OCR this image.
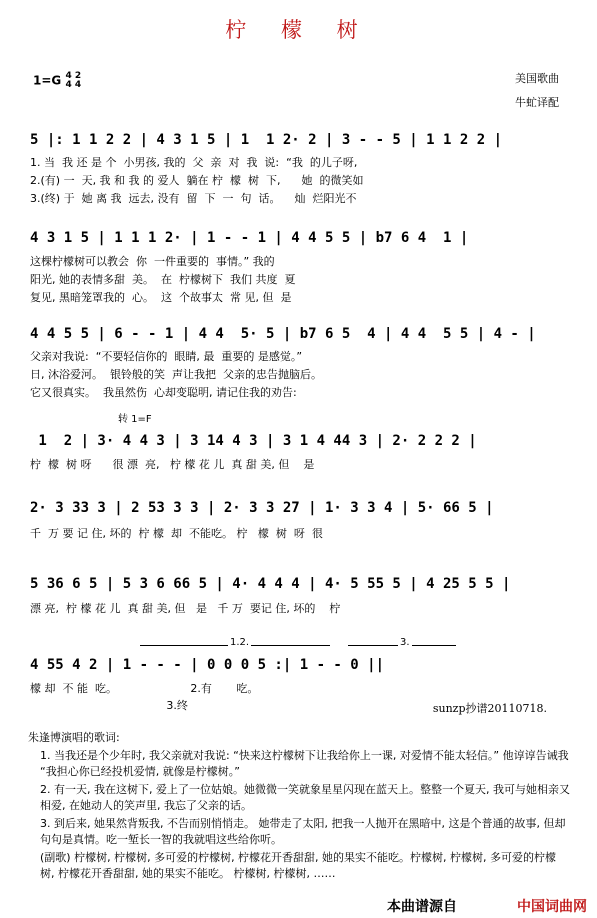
柠 檬 树
1=G 4 2
4 4	美国歌曲
牛虻译配
5 |: 1 1 2 2 | 4 3 1 5 | 1  1 2· 2 | 3 - - 5 | 1 1 2 2 |
1. 当  我 还 是 个  小男孩, 我的  父  亲  对  我  说:  “我  的儿子呀,
2.(有) 一  天, 我 和 我 的 爱人  躺在 柠  檬  树  下,      她  的微笑如
3.(终) 于  她 离 我  远去, 没有  留  下  一  句  话。    灿  烂阳光不
4 3 1 5 | 1 1 1 2· | 1 - - 1 | 4 4 5 5 | b7 6 4  1 |
这棵柠檬树可以教会  你  一件重要的  事情。” 我的
阳光, 她的表情多甜  美。  在  柠檬树下  我们 共度  夏
复见, 黑暗笼罩我的  心。  这  个故事太  常 见, 但  是
4 4 5 5 | 6 - - 1 | 4 4  5· 5 | b7 6 5  4 | 4 4  5 5 | 4 - |
父亲对我说:  “不要轻信你的  眼睛, 最  重要的 是感觉。”
日, 沐浴爱河。  银铃般的笑  声让我把  父亲的忠告抛脑后。
它又很真实。  我虽然伤  心却变聪明, 请记住我的劝告:
转 1=F
1  2 | 3· 4 4 3 | 3 14 4 3 | 3 1 4 44 3 | 2· 2 2 2 |
柠  檬  树 呀      很 漂  亮,   柠 檬 花 儿  真 甜 美, 但    是
2· 3 33 3 | 2 53 3 3 | 2· 3 3 27 | 1· 3 3 4 | 5· 66 5 |
千  万 要 记 住, 坏的  柠 檬  却  不能吃。 柠   檬  树  呀  很
5 36 6 5 | 5 3 6 66 5 | 4· 4 4 4 | 4· 5 55 5 | 4 25 5 5 |
漂 亮,  柠 檬 花 儿  真 甜 美, 但   是   千 万  要记 住, 坏的    柠
1.2.	3.
4 55 4 2 | 1 - - - | 0 0 0 5 :| 1 - - 0 ||
檬 却  不 能  吃。                     2.有       吃。
3.终	sunzp抄谱20110718.
朱逢博演唱的歌词:
1. 当我还是个少年时, 我父亲就对我说: “快来这柠檬树下让我给你上一课, 对爱情不能太轻信。” 他谆谆告诫我 “我担心你已经投机爱情, 就像是柠檬树。”
2. 有一天, 我在这树下, 爱上了一位姑娘。她微微一笑就象星星闪现在蓝天上。整整一个夏天, 我可与她相亲又相爱, 在她动人的笑声里, 我忘了父亲的话。
3. 到后来, 她果然背叛我, 不告而别悄悄走。 她带走了太阳, 把我一人抛开在黑暗中, 这是个普通的故事, 但却句句是真情。吃一堑长一智的我就唱这些给你听。
(副歌) 柠檬树, 柠檬树, 多可爱的柠檬树, 柠檬花开香甜甜, 她的果实不能吃。柠檬树, 柠檬树, 多可爱的柠檬树, 柠檬花开香甜甜, 她的果实不能吃。 柠檬树, 柠檬树, ……
本曲谱源自	中国词曲网
